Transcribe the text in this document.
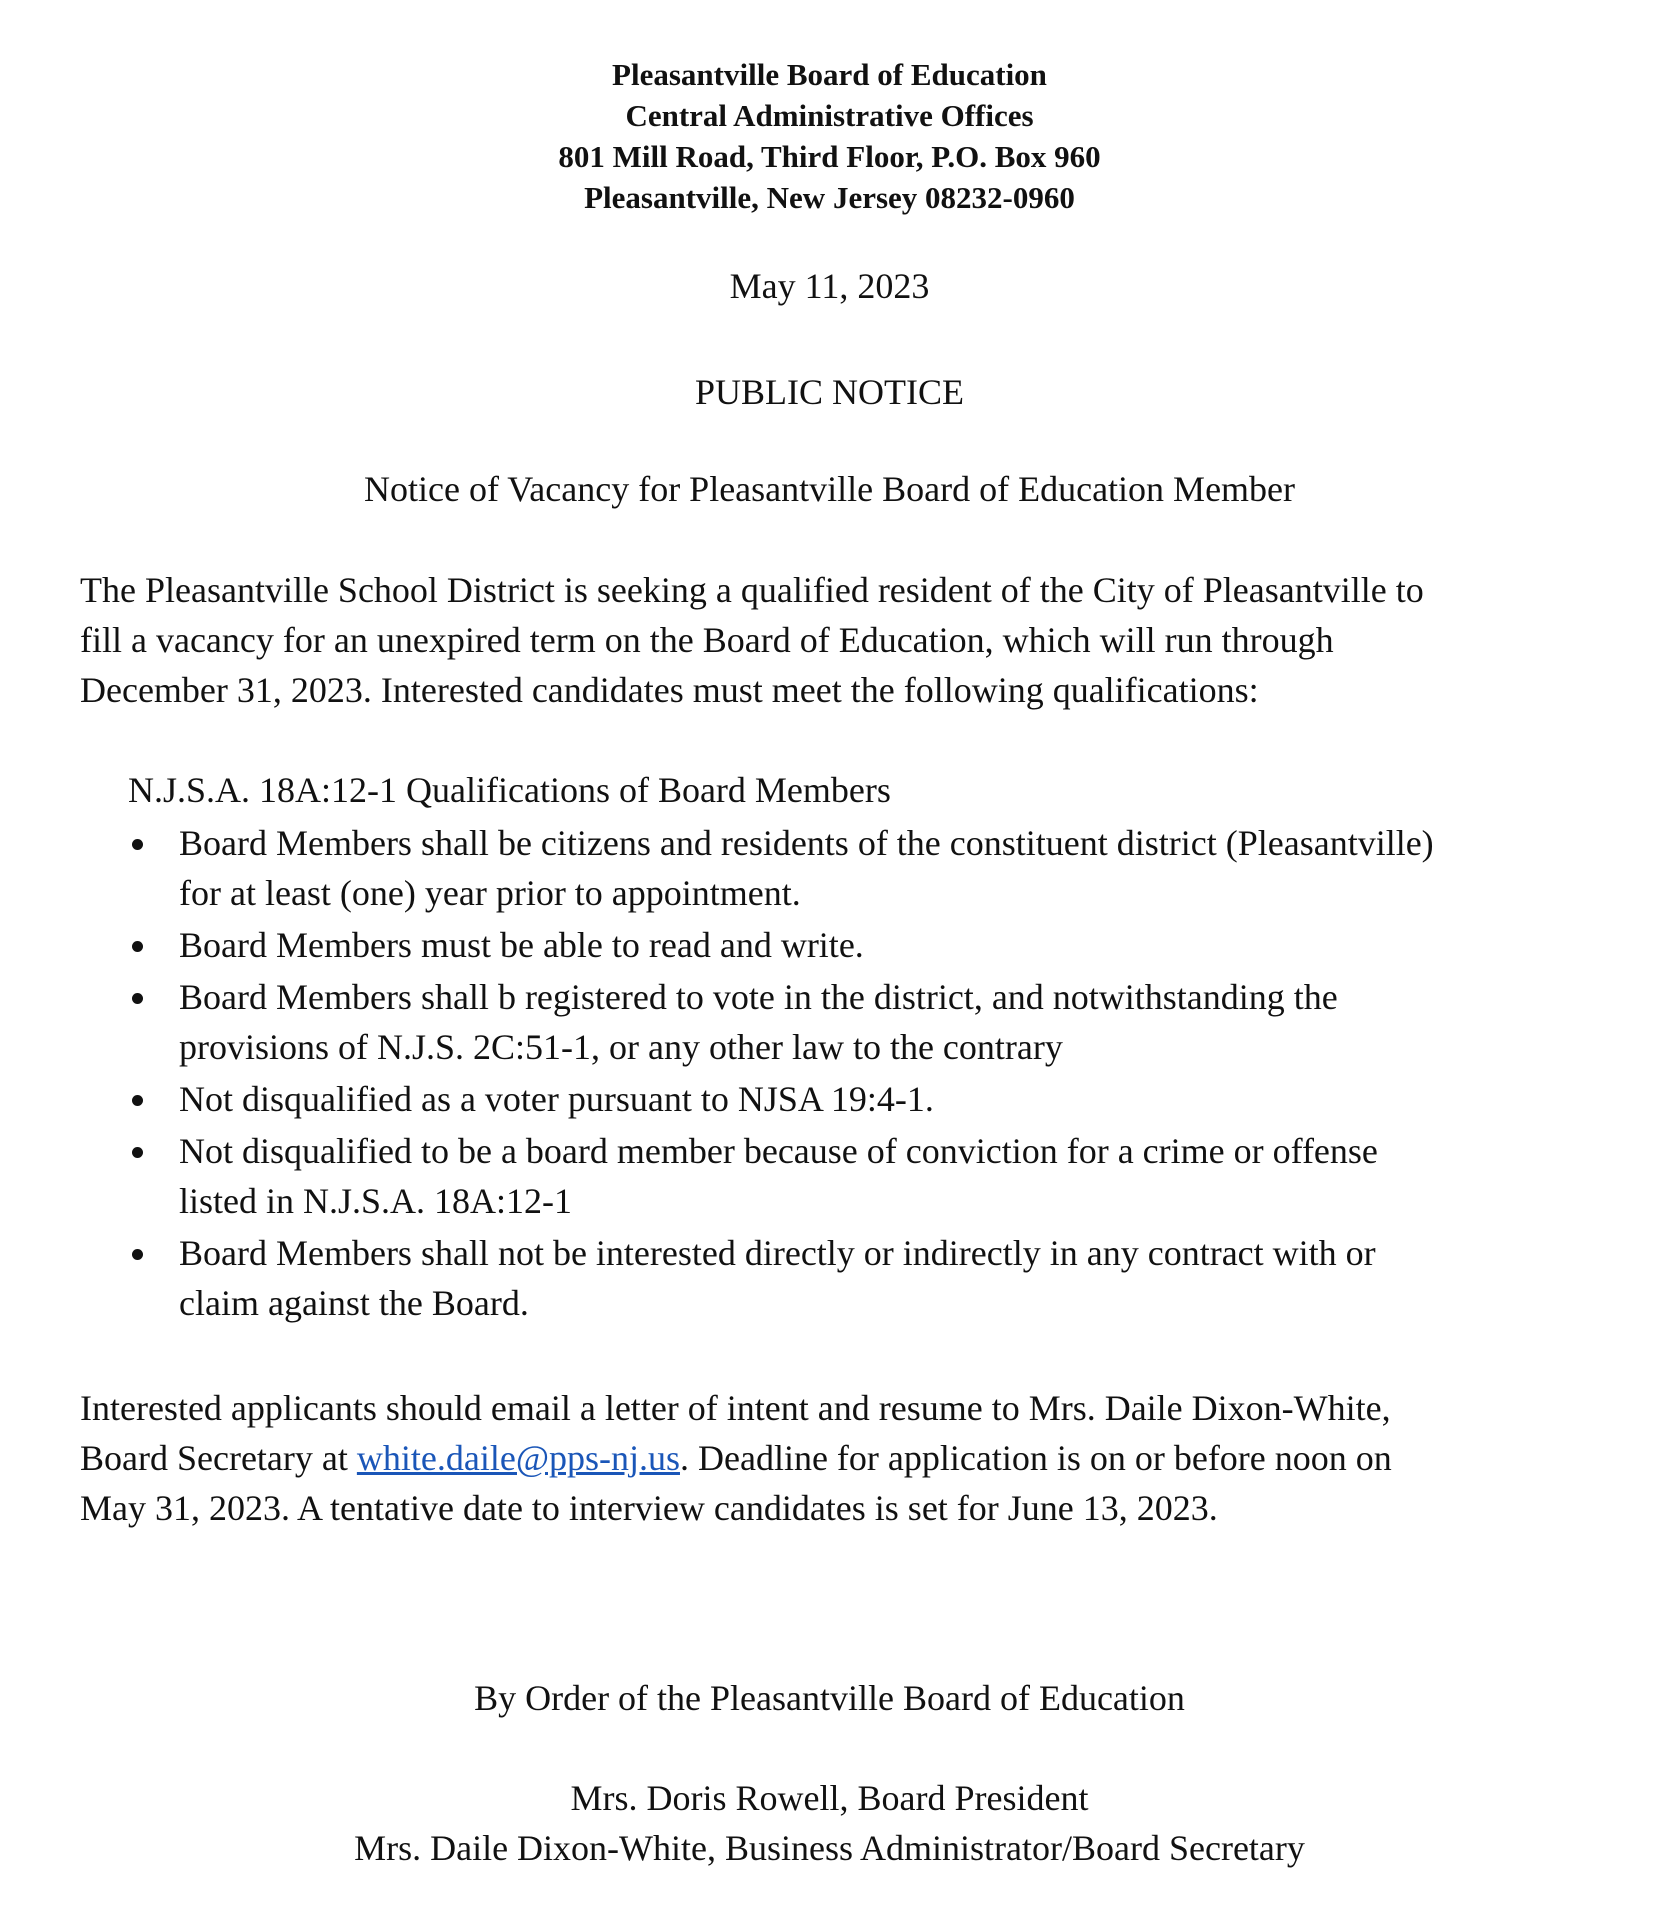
Pleasantville Board of Education
Central Administrative Offices
801 Mill Road, Third Floor, P.O. Box 960
Pleasantville, New Jersey 08232-0960
May 11, 2023
PUBLIC NOTICE
Notice of Vacancy for Pleasantville Board of Education Member
The Pleasantville School District is seeking a qualified resident of the City of Pleasantville to
fill a vacancy for an unexpired term on the Board of Education, which will run through
December 31, 2023. Interested candidates must meet the following qualifications:
N.J.S.A. 18A:12-1 Qualifications of Board Members
Board Members shall be citizens and residents of the constituent district (Pleasantville)
for at least (one) year prior to appointment.
Board Members must be able to read and write.
Board Members shall b registered to vote in the district, and notwithstanding the
provisions of N.J.S. 2C:51-1, or any other law to the contrary
Not disqualified as a voter pursuant to NJSA 19:4-1.
Not disqualified to be a board member because of conviction for a crime or offense
listed in N.J.S.A. 18A:12-1
Board Members shall not be interested directly or indirectly in any contract with or
claim against the Board.
Interested applicants should email a letter of intent and resume to Mrs. Daile Dixon-White,
Board Secretary at white.daile@pps-nj.us. Deadline for application is on or before noon on
May 31, 2023. A tentative date to interview candidates is set for June 13, 2023.
By Order of the Pleasantville Board of Education
Mrs. Doris Rowell, Board President
Mrs. Daile Dixon-White, Business Administrator/Board Secretary
